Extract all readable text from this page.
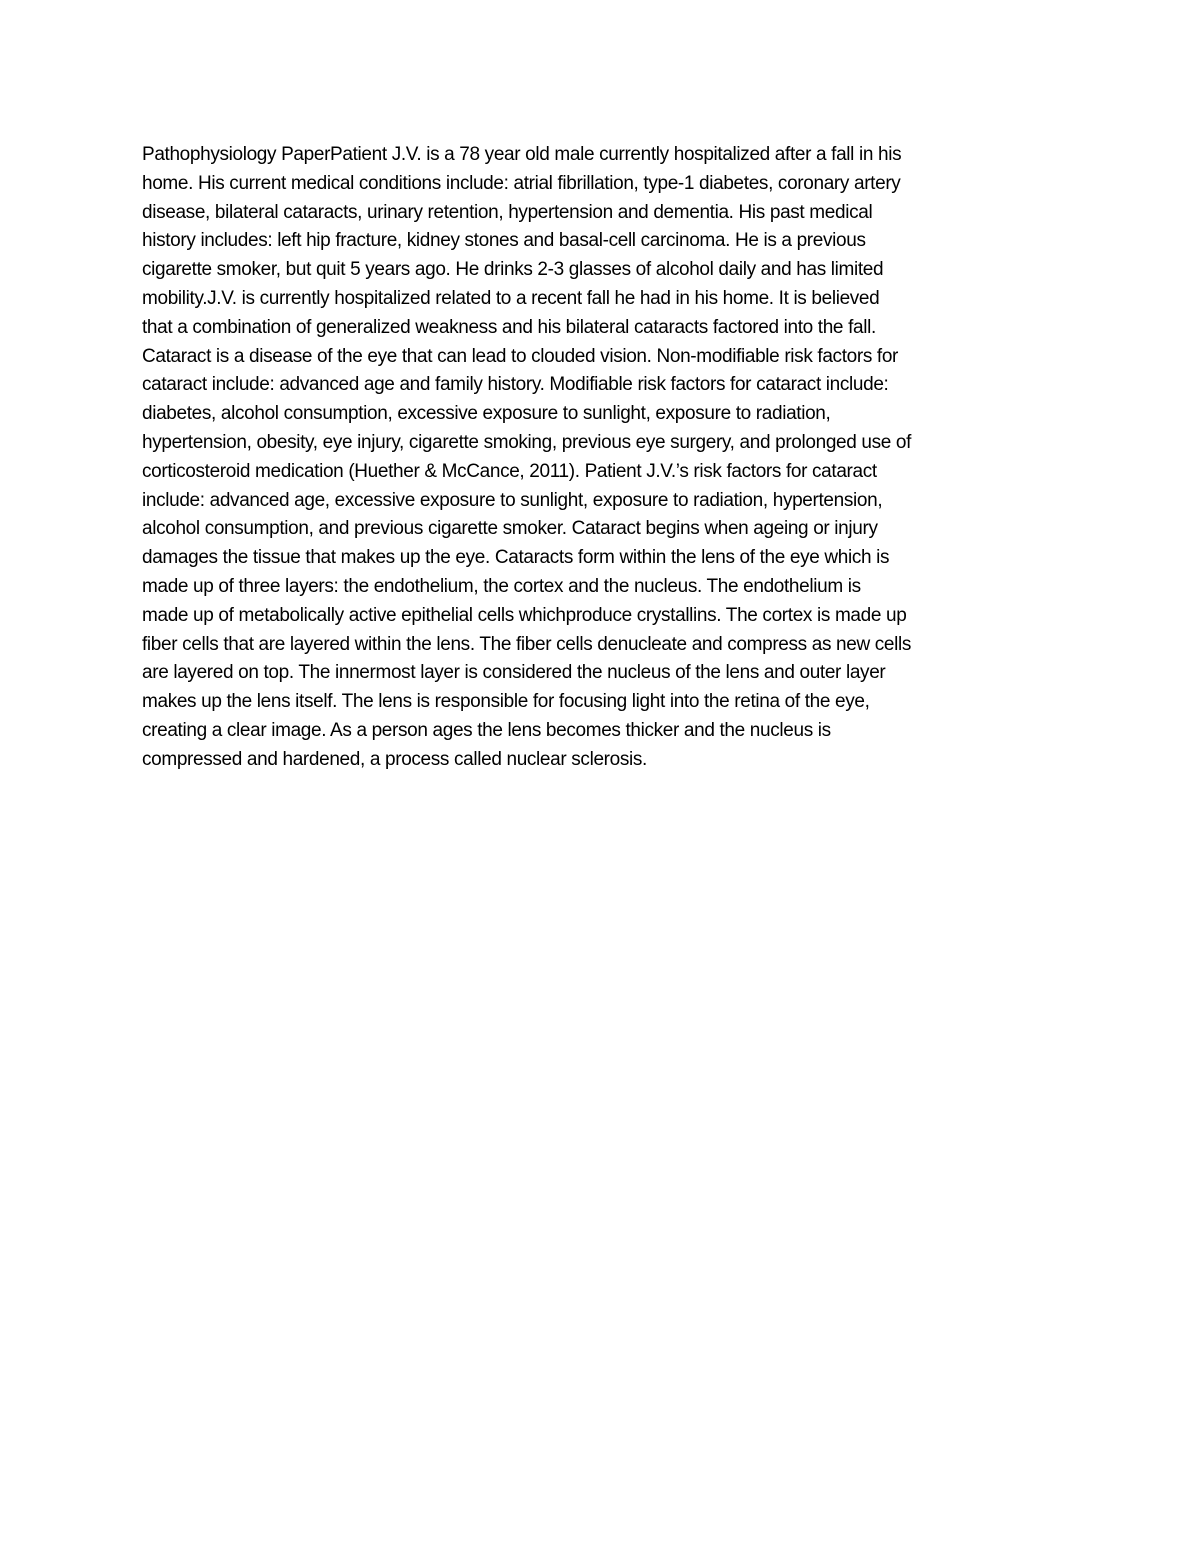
Pathophysiology PaperPatient J.V. is a 78 year old male currently hospitalized after a fall in his
home. His current medical conditions include: atrial fibrillation, type-1 diabetes, coronary artery
disease, bilateral cataracts, urinary retention, hypertension and dementia. His past medical
history includes: left hip fracture, kidney stones and basal-cell carcinoma. He is a previous
cigarette smoker, but quit 5 years ago. He drinks 2-3 glasses of alcohol daily and has limited
mobility.J.V. is currently hospitalized related to a recent fall he had in his home. It is believed
that a combination of generalized weakness and his bilateral cataracts factored into the fall.
Cataract is a disease of the eye that can lead to clouded vision. Non-modifiable risk factors for
cataract include: advanced age and family history. Modifiable risk factors for cataract include:
diabetes, alcohol consumption, excessive exposure to sunlight, exposure to radiation,
hypertension, obesity, eye injury, cigarette smoking, previous eye surgery, and prolonged use of
corticosteroid medication (Huether & McCance, 2011). Patient J.V.’s risk factors for cataract
include: advanced age, excessive exposure to sunlight, exposure to radiation, hypertension,
alcohol consumption, and previous cigarette smoker. Cataract begins when ageing or injury
damages the tissue that makes up the eye. Cataracts form within the lens of the eye which is
made up of three layers: the endothelium, the cortex and the nucleus. The endothelium is
made up of metabolically active epithelial cells whichproduce crystallins. The cortex is made up
fiber cells that are layered within the lens. The fiber cells denucleate and compress as new cells
are layered on top. The innermost layer is considered the nucleus of the lens and outer layer
makes up the lens itself. The lens is responsible for focusing light into the retina of the eye,
creating a clear image. As a person ages the lens becomes thicker and the nucleus is
compressed and hardened, a process called nuclear sclerosis.
